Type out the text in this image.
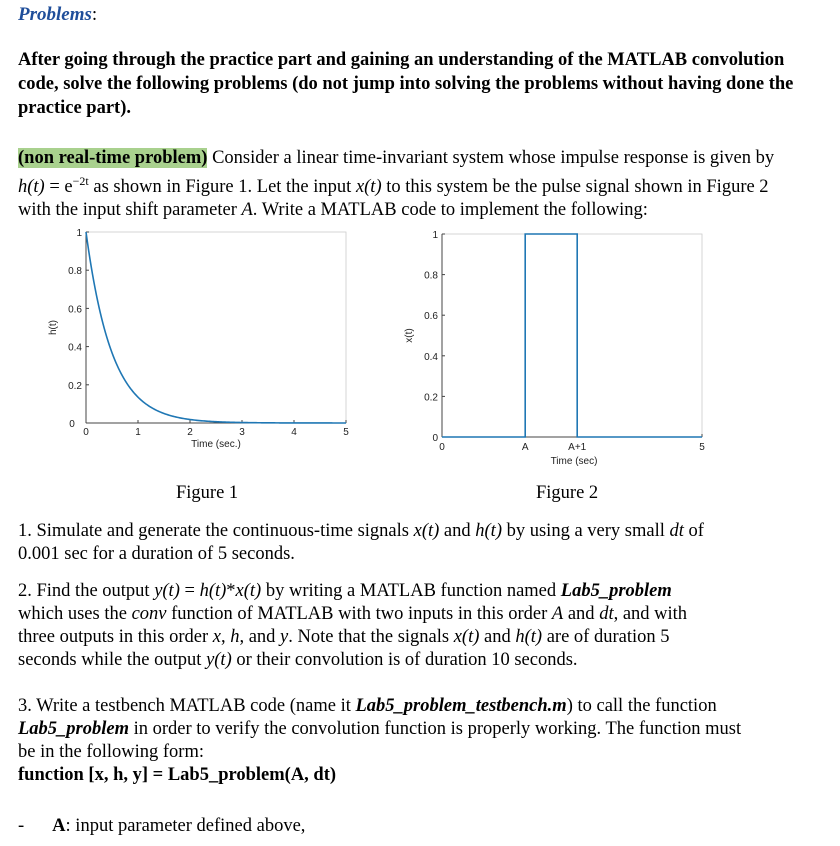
Problems:
After going through the practice part and gaining an understanding of the MATLAB convolution code, solve the following problems (do not jump into solving the problems without having done the practice part).
(non real-time problem) Consider a linear time-invariant system whose impulse response is given by
$h(t) = e^{-2t}$ as shown in Figure 1. Let the input x(t) to this system be the pulse signal shown in Figure 2
with the input shift parameter A. Write a MATLAB code to implement the following:
0
0.2
0.4
0.6
0.8
1
0	1	2	3	4	5
Time (sec.)
h(t)
0
0.2
0.4
0.6
0.8
1
0	A	A+1	5
Time (sec)
x(t)
Figure 1	Figure 2
1. Simulate and generate the continuous-time signals x(t) and h(t) by using a very small dt of
0.001 sec for a duration of 5 seconds.
2. Find the output y(t) = h(t)*x(t) by writing a MATLAB function named Lab5_problem
which uses the conv function of MATLAB with two inputs in this order A and dt, and with
three outputs in this order x, h, and y. Note that the signals x(t) and h(t) are of duration 5
seconds while the output y(t) or their convolution is of duration 10 seconds.
3. Write a testbench MATLAB code (name it Lab5_problem_testbench.m) to call the function
Lab5_problem in order to verify the convolution function is properly working. The function must
be in the following form:
function [x, h, y] = Lab5_problem(A, dt)
- A: input parameter defined above,
